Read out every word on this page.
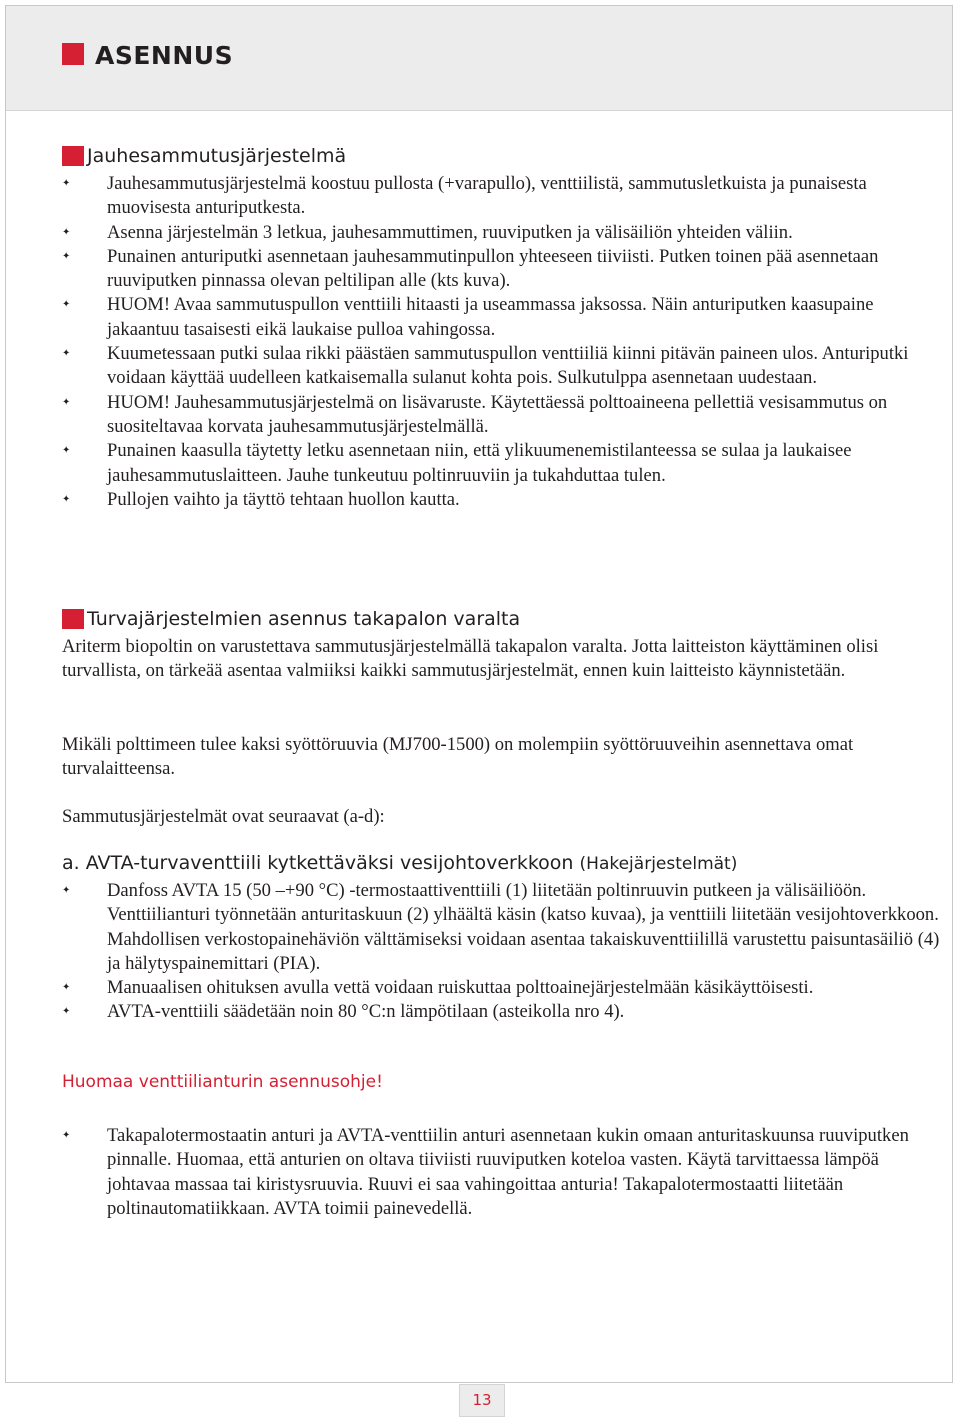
ASENNUS
Jauhesammutusjärjestelmä
✦ Jauhesammutusjärjestelmä koostuu pullosta (+varapullo), venttiilistä, sammutusletkuista ja punaisesta muovisesta anturiputkesta.
✦ Asenna järjestelmän 3 letkua, jauhesammuttimen, ruuviputken ja välisäiliön yhteiden väliin.
✦ Punainen anturiputki asennetaan jauhesammutinpullon yhteeseen tiiviisti. Putken toinen pää asennetaan ruuviputken pinnassa olevan peltilipan alle (kts kuva).
✦ HUOM! Avaa sammutuspullon venttiili hitaasti ja useammassa jaksossa. Näin anturiputken kaasupaine jakaantuu tasaisesti eikä laukaise pulloa vahingossa.
✦ Kuumetessaan putki sulaa rikki päästäen sammutuspullon venttiiliä kiinni pitävän paineen ulos. Anturiputki voidaan käyttää uudelleen katkaisemalla sulanut kohta pois. Sulkutulppa asennetaan uudestaan.
✦ HUOM! Jauhesammutusjärjestelmä on lisävaruste. Käytettäessä polttoaineena pellettiä vesisammutus on suositeltavaa korvata jauhesammutusjärjestelmällä.
✦ Punainen kaasulla täytetty letku asennetaan niin, että ylikuumenemistilanteessa se sulaa ja laukaisee jauhesammutuslaitteen. Jauhe tunkeutuu poltinruuviin ja tukahduttaa tulen.
✦ Pullojen vaihto ja täyttö tehtaan huollon kautta.
Turvajärjestelmien asennus takapalon varalta

Ariterm biopoltin on varustettava sammutusjärjestelmällä takapalon varalta. Jotta laitteiston käyttäminen olisi turvallista, on tärkeää asentaa valmiiksi kaikki sammutusjärjestelmät, ennen kuin laitteisto käynnistetään.

Mikäli polttimeen tulee kaksi syöttöruuvia (MJ700-1500) on molempiin syöttöruuveihin asennettava omat turvalaitteensa.

Sammutusjärjestelmät ovat seuraavat (a-d):

a. AVTA-turvaventtiili kytkettäväksi vesijohtoverkkoon (Hakejärjestelmät)
✦ Danfoss AVTA 15 (50 –+90 °C) -termostaattiventtiili (1) liitetään poltinruuvin putkeen ja välisäiliöön. Venttiilianturi työnnetään anturitaskuun (2) ylhäältä käsin (katso kuvaa), ja venttiili liitetään vesijohtoverkkoon. Mahdollisen verkostopainehäviön välttämiseksi voidaan asentaa takaiskuventtiilillä varustettu paisuntasäiliö (4) ja hälytyspainemittari (PIA).
✦ Manuaalisen ohituksen avulla vettä voidaan ruiskuttaa polttoainejärjestelmään käsikäyttöisesti.
✦ AVTA-venttiili säädetään noin 80 °C:n lämpötilaan (asteikolla nro 4).
Huomaa venttiilianturin asennusohje!
✦ Takapalotermostaatin anturi ja AVTA-venttiilin anturi asennetaan kukin omaan anturitaskuunsa ruuviputken pinnalle. Huomaa, että anturien on oltava tiiviisti ruuviputken koteloa vasten. Käytä tarvittaessa lämpöä johtavaa massaa tai kiristysruuvia. Ruuvi ei saa vahingoittaa anturia! Takapalotermostaatti liitetään poltinautomatiikkaan. AVTA toimii painevedellä.
13
